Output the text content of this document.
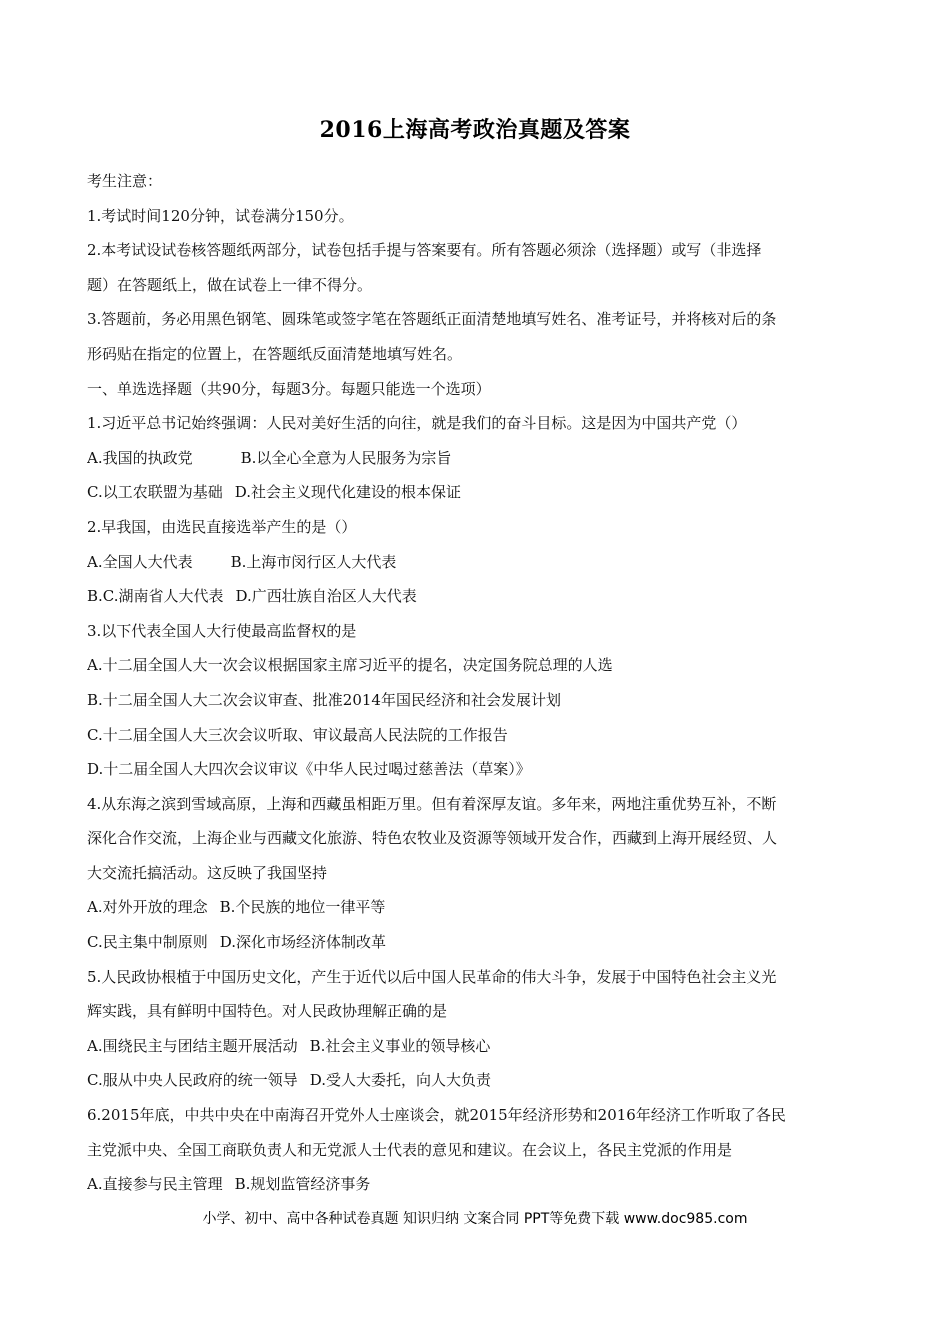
2016上海高考政治真题及答案
考生注意：
1.考试时间120分钟，试卷满分150分。
2.本考试设试卷核答题纸两部分，试卷包括手提与答案要有。所有答题必须涂（选择题）或写（非选择
题）在答题纸上，做在试卷上一律不得分。
3.答题前，务必用黑色钢笔、圆珠笔或签字笔在答题纸正面清楚地填写姓名、准考证号，并将核对后的条
形码贴在指定的位置上，在答题纸反面清楚地填写姓名。
一、单选选择题（共90分，每题3分。每题只能选一个选项）
1.习近平总书记始终强调：人民对美好生活的向往，就是我们的奋斗目标。这是因为中国共产党（）
A.我国的执政党	B.以全心全意为人民服务为宗旨
C.以工农联盟为基础 D.社会主义现代化建设的根本保证
2.早我国，由选民直接选举产生的是（）
A.全国人大代表	B.上海市闵行区人大代表
B.C.湖南省人大代表 D.广西壮族自治区人大代表
3.以下代表全国人大行使最高监督权的是
A.十二届全国人大一次会议根据国家主席习近平的提名，决定国务院总理的人选
B.十二届全国人大二次会议审查、批准2014年国民经济和社会发展计划
C.十二届全国人大三次会议听取、审议最高人民法院的工作报告
D.十二届全国人大四次会议审议《中华人民过喝过慈善法（草案）》
4.从东海之滨到雪域高原，上海和西藏虽相距万里。但有着深厚友谊。多年来，两地注重优势互补，不断
深化合作交流，上海企业与西藏文化旅游、特色农牧业及资源等领域开发合作，西藏到上海开展经贸、人
大交流托搞活动。这反映了我国坚持
A.对外开放的理念 B.个民族的地位一律平等
C.民主集中制原则 D.深化市场经济体制改革
5.人民政协根植于中国历史文化，产生于近代以后中国人民革命的伟大斗争，发展于中国特色社会主义光
辉实践，具有鲜明中国特色。对人民政协理解正确的是
A.围绕民主与团结主题开展活动 B.社会主义事业的领导核心
C.服从中央人民政府的统一领导 D.受人大委托，向人大负责
6.2015年底，中共中央在中南海召开党外人士座谈会，就2015年经济形势和2016年经济工作听取了各民
主党派中央、全国工商联负责人和无党派人士代表的意见和建议。在会议上，各民主党派的作用是
A.直接参与民主管理 B.规划监管经济事务
小学、初中、高中各种试卷真题 知识归纳 文案合同 PPT等免费下载 www.doc985.com
